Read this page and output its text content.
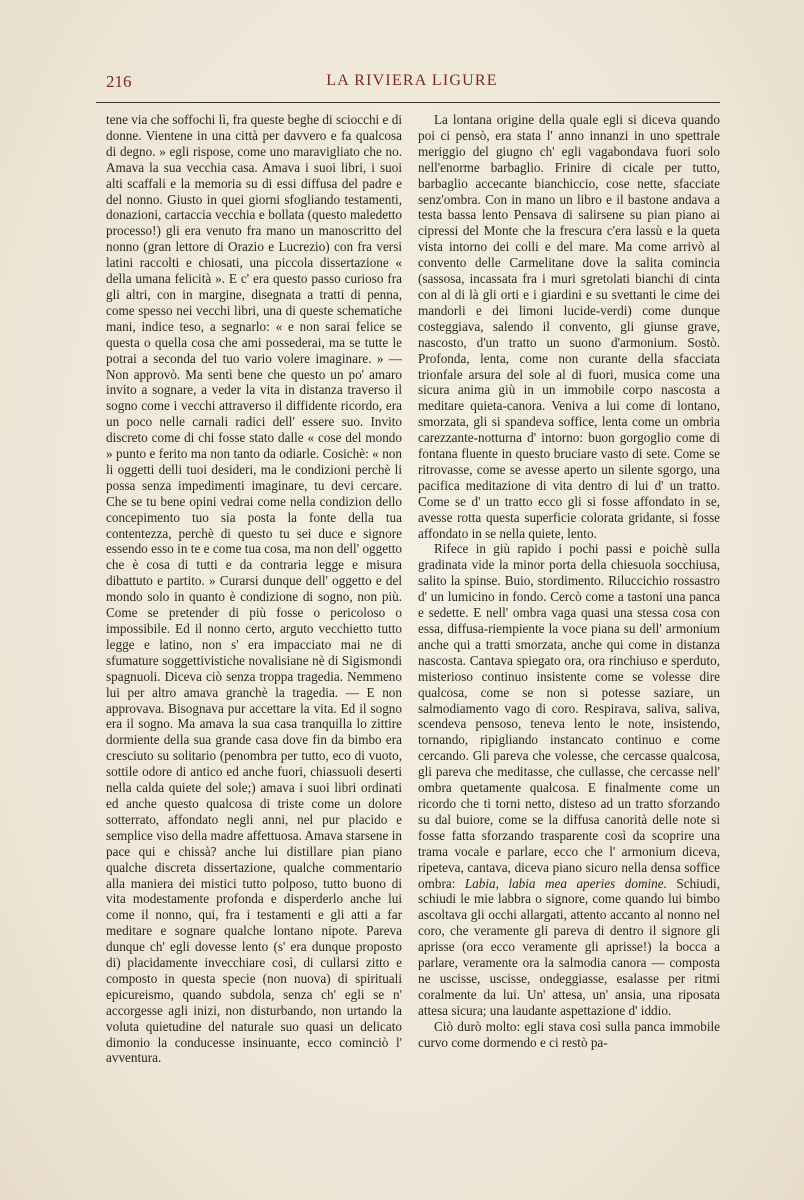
216	LA RIVIERA LIGURE

tene via che soffochi lì, fra queste beghe di sciocchi e di donne. Vientene in una città per davvero e fa qualcosa di degno. » egli rispose, come uno maravigliato che no. Amava la sua vecchia casa. Amava i suoi libri, i suoi alti scaffali e la memoria su di essi diffusa del padre e del nonno. Giusto in quei giorni sfogliando testamenti, donazioni, cartaccia vecchia e bollata (questo maledetto processo!) gli era venuto fra mano un manoscritto del nonno (gran lettore di Orazio e Lucrezio) con fra versi latini raccolti e chiosati, una piccola dissertazione « della umana felicità ». E c' era questo passo curioso fra gli altri, con in margine, disegnata a tratti di penna, come spesso nei vecchi libri, una di queste schematiche mani, indice teso, a segnarlo: « e non sarai felice se questa o quella cosa che ami possederai, ma se tutte le potrai a seconda del tuo vario volere imaginare. » — Non approvò. Ma sentì bene che questo un po' amaro invito a sognare, a veder la vita in distanza traverso il sogno come i vecchi attraverso il diffidente ricordo, era un poco nelle carnali radici dell' essere suo. Invito discreto come di chi fosse stato dalle « cose del mondo » punto e ferito ma non tanto da odiarle. Cosichè: « non li oggetti delli tuoi desideri, ma le condizioni perchè li possa senza impedimenti imaginare, tu devi cercare. Che se tu bene opini vedrai come nella condizion dello concepimento tuo sia posta la fonte della tua contentezza, perchè di questo tu sei duce e signore essendo esso in te e come tua cosa, ma non dell' oggetto che è cosa di tutti e da contraria legge e misura dibattuto e partito. » Curarsi dunque dell' oggetto e del mondo solo in quanto è condizione di sogno, non più. Come se pretender di più fosse o pericoloso o impossibile. Ed il nonno certo, arguto vecchietto tutto legge e latino, non s' era impacciato mai ne di sfumature soggettivistiche novalisiane nè di Sigismondi spagnuoli. Diceva ciò senza troppa tragedia. Nemmeno lui per altro amava granchè la tragedia. — E non approvava. Bisognava pur accettare la vita. Ed il sogno era il sogno. Ma amava la sua casa tranquilla lo zittire dormiente della sua grande casa dove fin da bimbo era cresciuto su solitario (penombra per tutto, eco di vuoto, sottile odore di antico ed anche fuori, chiassuoli deserti nella calda quiete del sole;) amava i suoi libri ordinati ed anche questo qualcosa di triste come un dolore sotterrato, affondato negli anni, nel pur placido e semplice viso della madre affettuosa. Amava starsene in pace qui e chissà? anche lui distillare pian piano qualche discreta dissertazione, qualche commentario alla maniera dei mistici tutto polposo, tutto buono di vita modestamente profonda e disperderlo anche lui come il nonno, qui, fra i testamenti e gli atti a far meditare e sognare qualche lontano nipote. Pareva dunque ch' egli dovesse lento (s' era dunque proposto di) placidamente invecchiare così, di cullarsi zitto e composto in questa specie (non nuova) di spirituali epicureismo, quando subdola, senza ch' egli se n' accorgesse agli inizi, non disturbando, non urtando la voluta quietudine del naturale suo quasi un delicato dimonio la conducesse insinuante, ecco cominciò l' avventura.

La lontana origine della quale egli si diceva quando poi ci pensò, era stata l' anno innanzi in uno spettrale meriggio del giugno ch' egli vagabondava fuori solo nell'enorme barbaglio. Frinire di cicale per tutto, barbaglio accecante bianchiccio, cose nette, sfacciate senz'ombra. Con in mano un libro e il bastone andava a testa bassa lento Pensava di salirsene su pian piano ai cipressi del Monte che la frescura c'era lassù e la queta vista intorno dei colli e del mare. Ma come arrivò al convento delle Carmelitane dove la salita comincia (sassosa, incassata fra i muri sgretolati bianchi di cinta con al di là gli orti e i giardini e su svettanti le cime dei mandorli e dei limoni lucide-verdi) come dunque costeggiava, salendo il convento, gli giunse grave, nascosto, d'un tratto un suono d'armonium. Sostò. Profonda, lenta, come non curante della sfacciata trionfale arsura del sole al di fuori, musica come una sicura anima giù in un immobile corpo nascosta a meditare quieta-canora. Veniva a lui come di lontano, smorzata, gli si spandeva soffice, lenta come un ombria carezzante-notturna d' intorno: buon gorgoglio come di fontana fluente in questo bruciare vasto di sete. Come se ritrovasse, come se avesse aperto un silente sgorgo, una pacifica meditazione di vita dentro di lui d' un tratto. Come se d' un tratto ecco gli si fosse affondato in se, avesse rotta questa superficie colorata gridante, si fosse affondato in se nella quiete, lento.

Rifece in giù rapido i pochi passi e poichè sulla gradinata vide la minor porta della chiesuola socchiusa, salito la spinse. Buio, stordimento. Riluccichio rossastro d' un lumicino in fondo. Cercò come a tastoni una panca e sedette. E nell' ombra vaga quasi una stessa cosa con essa, diffusa-riempiente la voce piana su dell' armonium anche qui a tratti smorzata, anche qui come in distanza nascosta. Cantava spiegato ora, ora rinchiuso e sperduto, misterioso continuo insistente come se volesse dire qualcosa, come se non si potesse saziare, un salmodiamento vago di coro. Respirava, saliva, saliva, scendeva pensoso, teneva lento le note, insistendo, tornando, ripigliando instancato continuo e come cercando. Gli pareva che volesse, che cercasse qualcosa, gli pareva che meditasse, che cullasse, che cercasse nell' ombra quetamente qualcosa. E finalmente come un ricordo che ti torni netto, disteso ad un tratto sforzando su dal buiore, come se la diffusa canorità delle note si fosse fatta sforzando trasparente così da scoprire una trama vocale e parlare, ecco che l' armonium diceva, ripeteva, cantava, diceva piano sicuro nella densa soffice ombra: Labia, labia mea aperies domine. Schiudi, schiudi le mie labbra o signore, come quando lui bimbo ascoltava gli occhi allargati, attento accanto al nonno nel coro, che veramente gli pareva di dentro il signore gli aprisse (ora ecco veramente gli aprisse!) la bocca a parlare, veramente ora la salmodia canora — composta ne uscisse, uscisse, ondeggiasse, esalasse per ritmi coralmente da lui. Un' attesa, un' ansia, una riposata attesa sicura; una laudante aspettazione d' iddio.

Ciò durò molto: egli stava così sulla panca immobile curvo come dormendo e ci restò pa-
